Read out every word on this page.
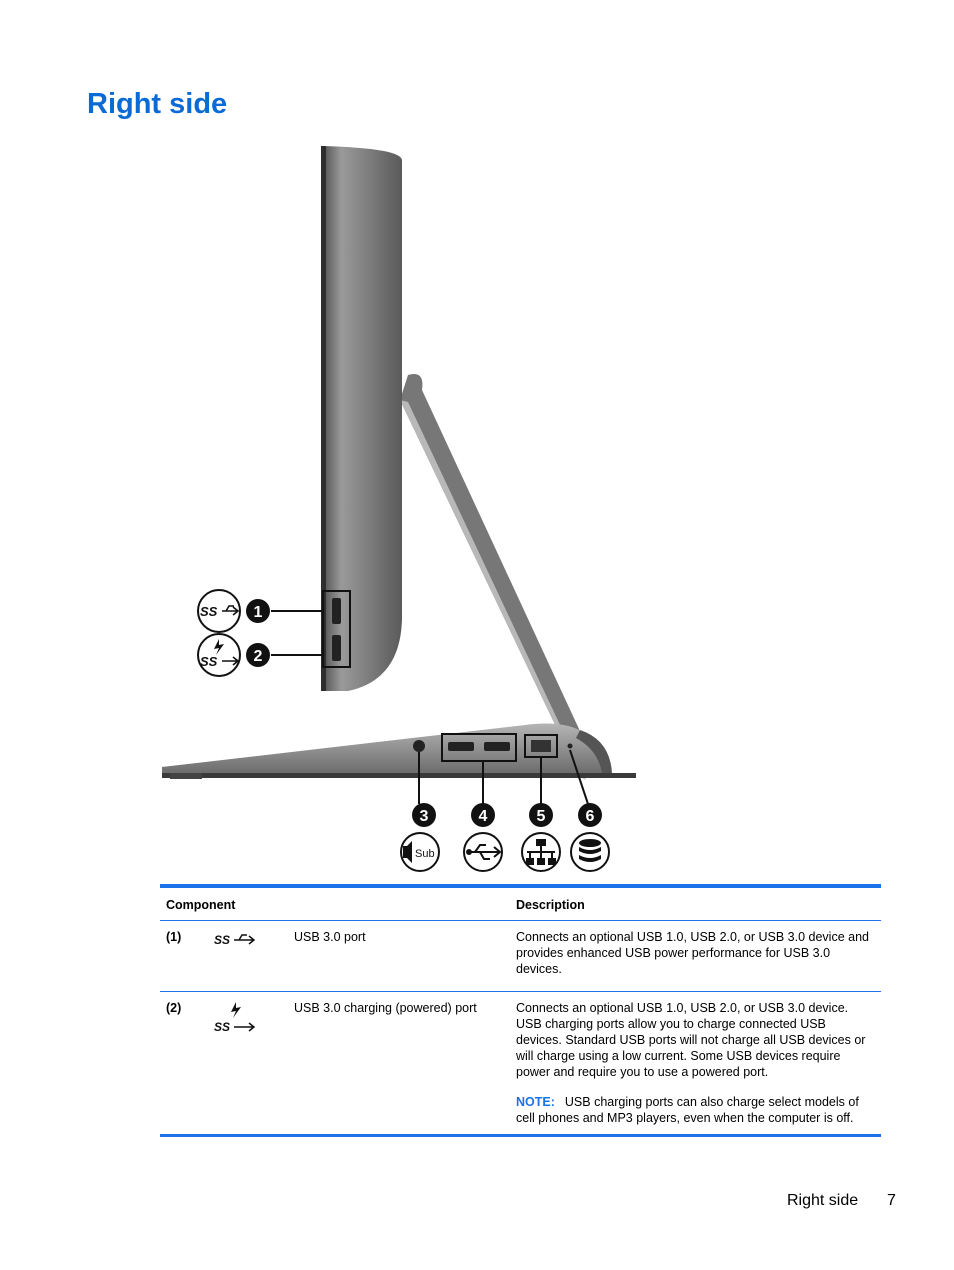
Right side
SS
SS
1
2
3	4	5	6
Sub
Component			Description
(1)	SS	USB 3.0 port	Connects an optional USB 1.0, USB 2.0, or USB 3.0 device and provides enhanced USB power performance for USB 3.0 devices.
(2)	SS	USB 3.0 charging (powered) port	Connects an optional USB 1.0, USB 2.0, or USB 3.0 device. USB charging ports allow you to charge connected USB devices. Standard USB ports will not charge all USB devices or will charge using a low current. Some USB devices require power and require you to use a powered port.
NOTE: USB charging ports can also charge select models of cell phones and MP3 players, even when the computer is off.
Right side 7
